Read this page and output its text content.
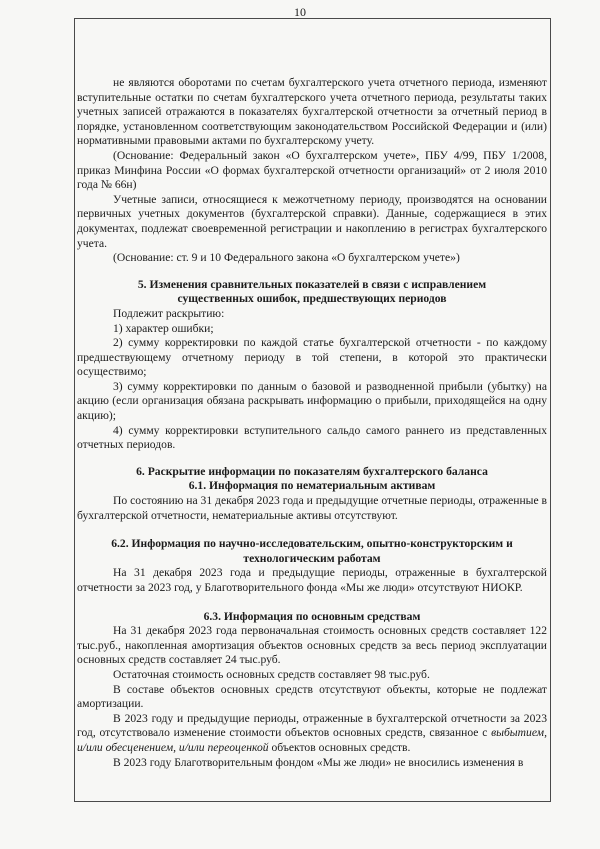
10

не являются оборотами по счетам бухгалтерского учета отчетного периода, изменяют вступительные остатки по счетам бухгалтерского учета отчетного периода, результаты таких учетных записей отражаются в показателях бухгалтерской отчетности за отчетный период в порядке, установленном соответствующим законодательством Российской Федерации и (или) нормативными правовыми актами по бухгалтерскому учету.

(Основание: Федеральный закон «О бухгалтерском учете», ПБУ 4/99, ПБУ 1/2008, приказ Минфина России «О формах бухгалтерской отчетности организаций» от 2 июля 2010 года № 66н)

Учетные записи, относящиеся к межотчетному периоду, производятся на основании первичных учетных документов (бухгалтерской справки). Данные, содержащиеся в этих документах, подлежат своевременной регистрации и накоплению в регистрах бухгалтерского учета.

(Основание: ст. 9 и 10 Федерального закона «О бухгалтерском учете»)

5. Изменения сравнительных показателей в связи с исправлением

существенных ошибок, предшествующих периодов

Подлежит раскрытию:

1) характер ошибки;

2) сумму корректировки по каждой статье бухгалтерской отчетности - по каждому предшествующему отчетному периоду в той степени, в которой это практически осуществимо;

3) сумму корректировки по данным о базовой и разводненной прибыли (убытку) на акцию (если организация обязана раскрывать информацию о прибыли, приходящейся на одну акцию);

4) сумму корректировки вступительного сальдо самого раннего из представленных отчетных периодов.

6. Раскрытие информации по показателям бухгалтерского баланса

6.1. Информация по нематериальным активам

По состоянию на 31 декабря 2023 года и предыдущие отчетные периоды, отраженные в бухгалтерской отчетности, нематериальные активы отсутствуют.

6.2. Информация по научно-исследовательским, опытно-конструкторским и

технологическим работам

На 31 декабря 2023 года и предыдущие периоды, отраженные в бухгалтерской отчетности за 2023 год, у Благотворительного фонда «Мы же люди» отсутствуют НИОКР.

6.3. Информация по основным средствам

На 31 декабря 2023 года первоначальная стоимость основных средств составляет 122 тыс.руб., накопленная амортизация объектов основных средств за весь период эксплуатации основных средств составляет 24 тыс.руб.

Остаточная стоимость основных средств составляет 98 тыс.руб.

В составе объектов основных средств отсутствуют объекты, которые не подлежат амортизации.

В 2023 году и предыдущие периоды, отраженные в бухгалтерской отчетности за 2023 год, отсутствовало изменение стоимости объектов основных средств, связанное с выбытием, и/или обесценением, и/или переоценкой объектов основных средств.

В 2023 году Благотворительным фондом «Мы же люди» не вносились изменения в
